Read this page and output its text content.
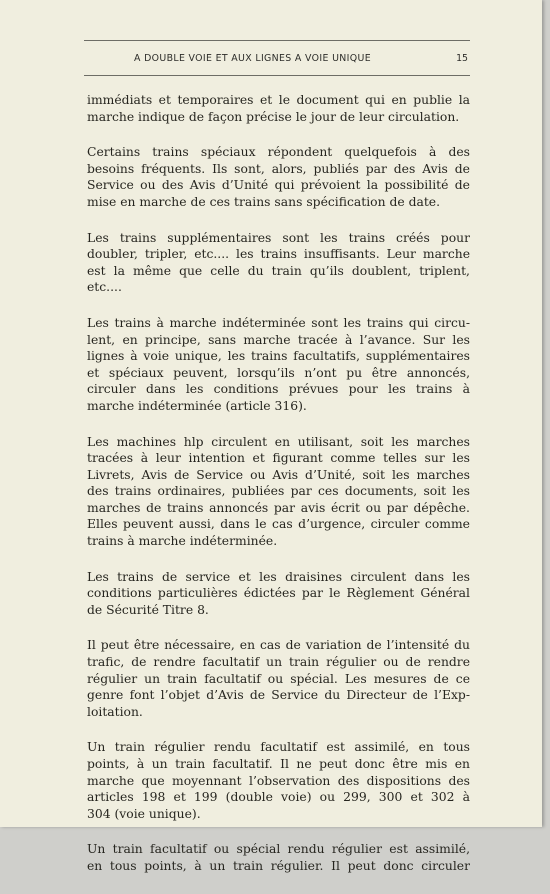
A DOUBLE VOIE ET AUX LIGNES A VOIE UNIQUE	15
immédiats et temporaires et le document qui en publie la
marche indique de façon précise le jour de leur circulation.
Certains trains spéciaux répondent quelquefois à des
besoins fréquents. Ils sont, alors, publiés par des Avis de
Service ou des Avis d’Unité qui prévoient la possibilité de
mise en marche de ces trains sans spécification de date.
Les trains supplémentaires sont les trains créés pour
doubler, tripler, etc.... les trains insuffisants. Leur marche
est la même que celle du train qu’ils doublent, triplent,
etc....
Les trains à marche indéterminée sont les trains qui circu-
lent, en principe, sans marche tracée à l’avance. Sur les
lignes à voie unique, les trains facultatifs, supplémentaires
et spéciaux peuvent, lorsqu’ils n’ont pu être annoncés,
circuler dans les conditions prévues pour les trains à
marche indéterminée (article 316).
Les machines hlp circulent en utilisant, soit les marches
tracées à leur intention et figurant comme telles sur les
Livrets, Avis de Service ou Avis d’Unité, soit les marches
des trains ordinaires, publiées par ces documents, soit les
marches de trains annoncés par avis écrit ou par dépêche.
Elles peuvent aussi, dans le cas d’urgence, circuler comme
trains à marche indéterminée.
Les trains de service et les draisines circulent dans les
conditions particulières édictées par le Règlement Général
de Sécurité Titre 8.
Il peut être nécessaire, en cas de variation de l’intensité du
trafic, de rendre facultatif un train régulier ou de rendre
régulier un train facultatif ou spécial. Les mesures de ce
genre font l’objet d’Avis de Service du Directeur de l’Exp-
loitation.
Un train régulier rendu facultatif est assimilé, en tous
points, à un train facultatif. Il ne peut donc être mis en
marche que moyennant l’observation des dispositions des
articles 198 et 199 (double voie) ou 299, 300 et 302 à
304 (voie unique).
Un train facultatif ou spécial rendu régulier est assimilé,
en tous points, à un train régulier. Il peut donc circuler
